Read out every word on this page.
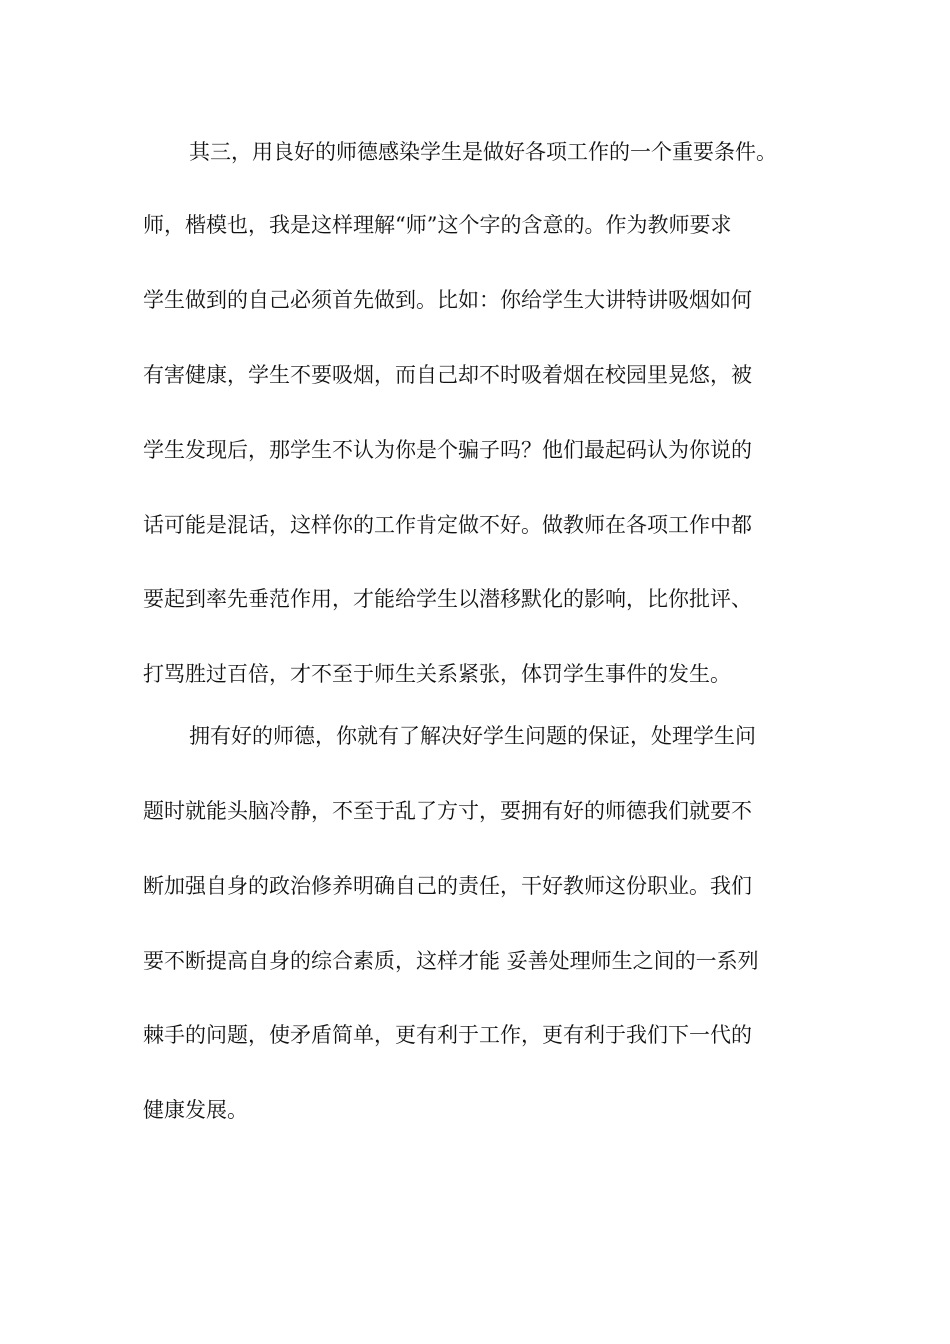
其三，用良好的师德感染学生是做好各项工作的一个重要条件。
师，楷模也，我是这样理解“师”这个字的含意的。作为教师要求
学生做到的自己必须首先做到。比如：你给学生大讲特讲吸烟如何
有害健康，学生不要吸烟，而自己却不时吸着烟在校园里晃悠，被
学生发现后，那学生不认为你是个骗子吗？他们最起码认为你说的
话可能是混话，这样你的工作肯定做不好。做教师在各项工作中都
要起到率先垂范作用，才能给学生以潜移默化的影响，比你批评、
打骂胜过百倍，才不至于师生关系紧张，体罚学生事件的发生。
拥有好的师德，你就有了解决好学生问题的保证，处理学生问
题时就能头脑冷静，不至于乱了方寸，要拥有好的师德我们就要不
断加强自身的政治修养明确自己的责任，干好教师这份职业。我们
要不断提高自身的综合素质，这样才能 妥善处理师生之间的一系列
棘手的问题，使矛盾简单，更有利于工作，更有利于我们下一代的
健康发展。
